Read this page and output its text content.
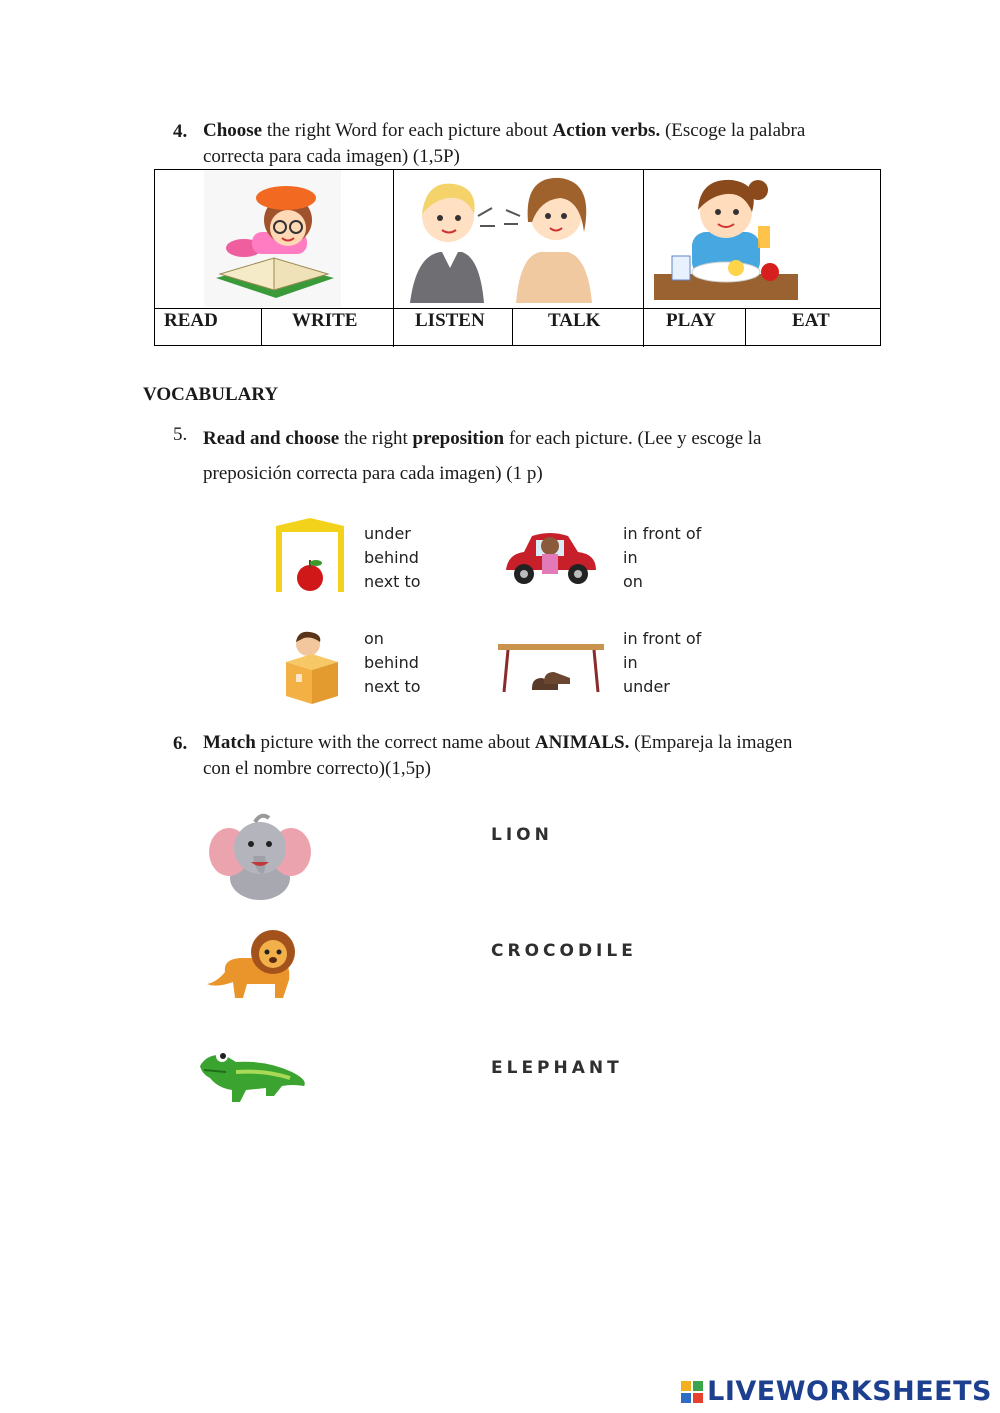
4. Choose the right Word for each picture about Action verbs. (Escoge la palabra
correcta para cada imagen) (1,5P)
READ	WRITE	LISTEN	TALK	PLAY	EAT
VOCABULARY
5. Read and choose the right preposition for each picture. (Lee y escoge la
preposición correcta para cada imagen) (1 p)
under
behind
next to
in front of
in
on
on
behind
next to
in front of
in
under
6. Match picture with the correct name about ANIMALS. (Empareja la imagen
con el nombre correcto)(1,5p)
LION
CROCODILE
ELEPHANT
LIVEWORKSHEETS
